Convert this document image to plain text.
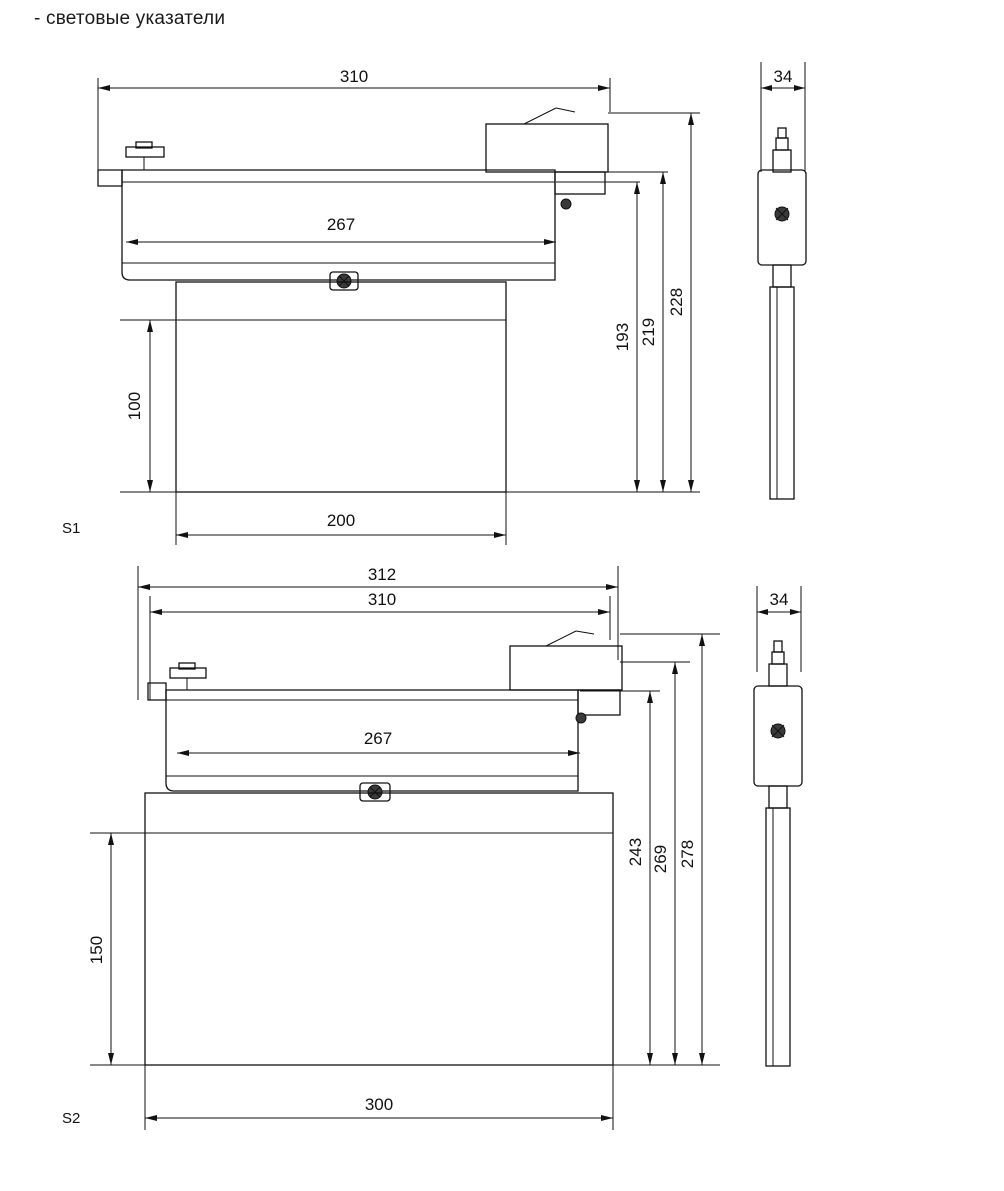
- световые указатели
310
267
100
200
193 219
228
34
312
310
267
150
300
243 269 278
34
S1
S2
